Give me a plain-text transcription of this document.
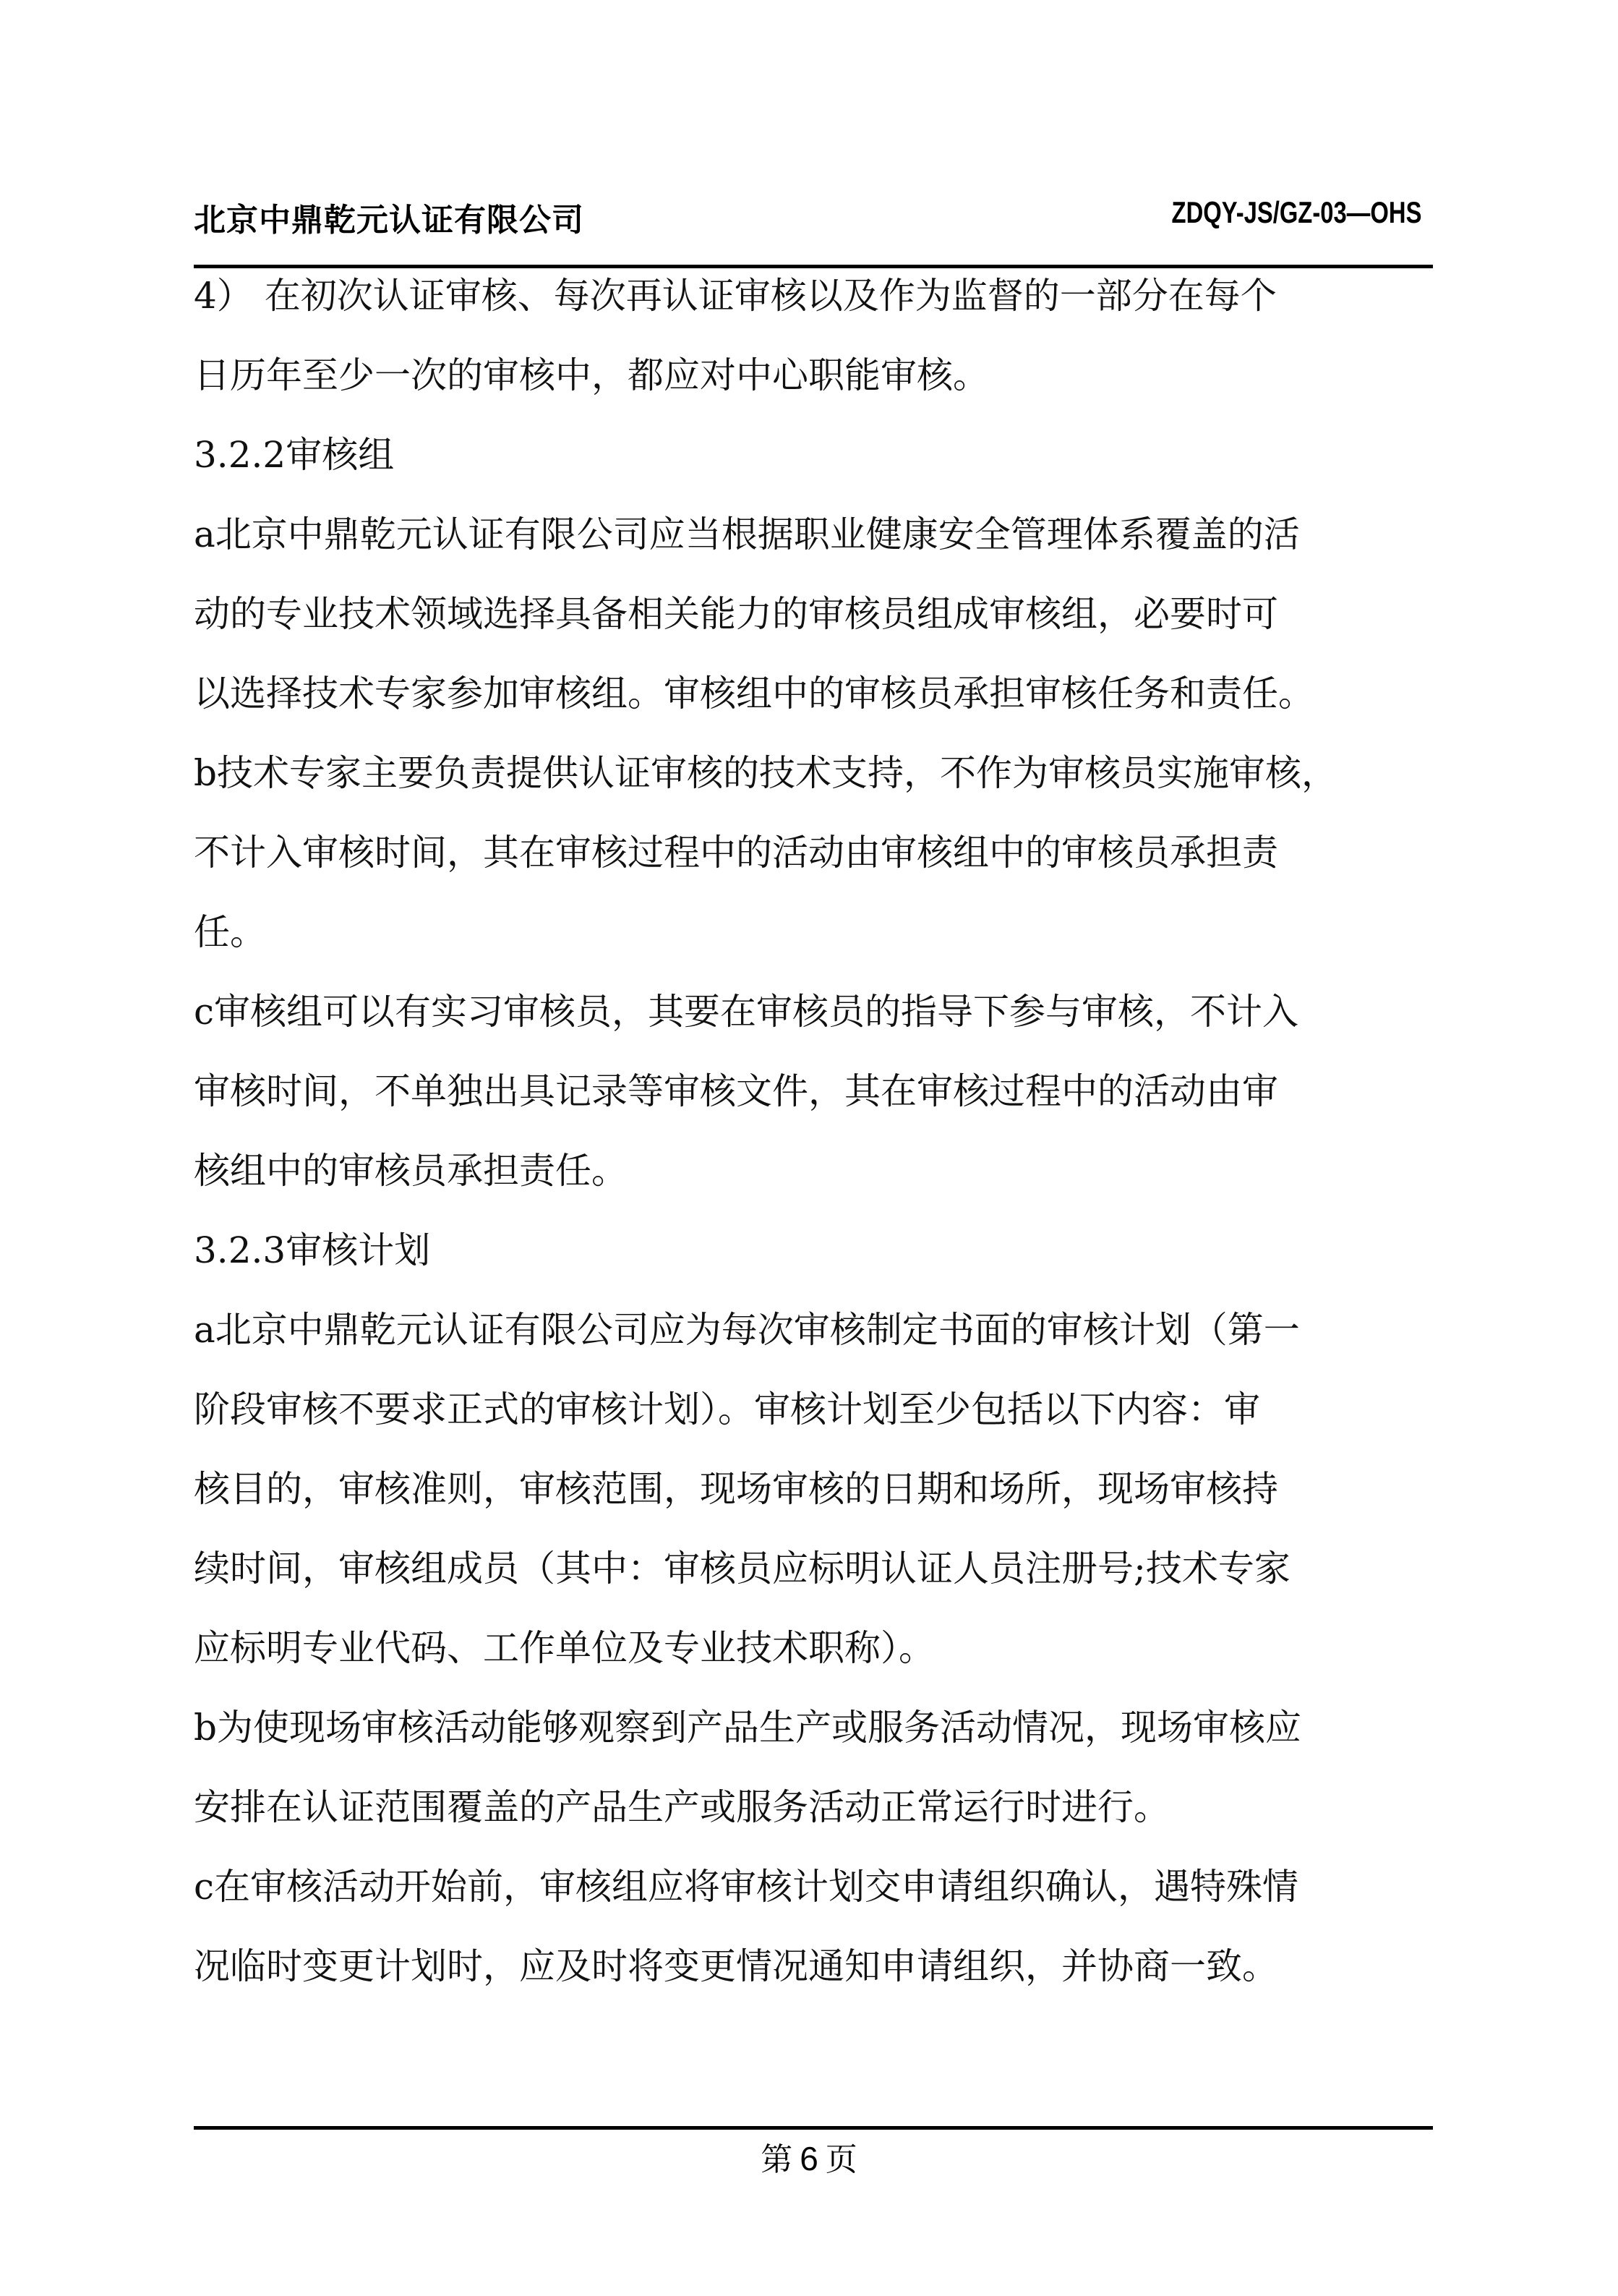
北京中鼎乾元认证有限公司	ZDQY-JS/GZ-03—OHS
4） 在初次认证审核、每次再认证审核以及作为监督的一部分在每个
日历年至少一次的审核中，都应对中心职能审核。
3.2.2审核组
a北京中鼎乾元认证有限公司应当根据职业健康安全管理体系覆盖的活
动的专业技术领域选择具备相关能力的审核员组成审核组，必要时可
以选择技术专家参加审核组。审核组中的审核员承担审核任务和责任。
b技术专家主要负责提供认证审核的技术支持，不作为审核员实施审核，
不计入审核时间，其在审核过程中的活动由审核组中的审核员承担责
任。
c审核组可以有实习审核员，其要在审核员的指导下参与审核，不计入
审核时间，不单独出具记录等审核文件，其在审核过程中的活动由审
核组中的审核员承担责任。
3.2.3审核计划
a北京中鼎乾元认证有限公司应为每次审核制定书面的审核计划（第一
阶段审核不要求正式的审核计划）。审核计划至少包括以下内容：审
核目的，审核准则，审核范围，现场审核的日期和场所，现场审核持
续时间，审核组成员（其中：审核员应标明认证人员注册号;技术专家
应标明专业代码、工作单位及专业技术职称）。
b为使现场审核活动能够观察到产品生产或服务活动情况，现场审核应
安排在认证范围覆盖的产品生产或服务活动正常运行时进行。
c在审核活动开始前，审核组应将审核计划交申请组织确认，遇特殊情
况临时变更计划时，应及时将变更情况通知申请组织，并协商一致。
第 6 页
